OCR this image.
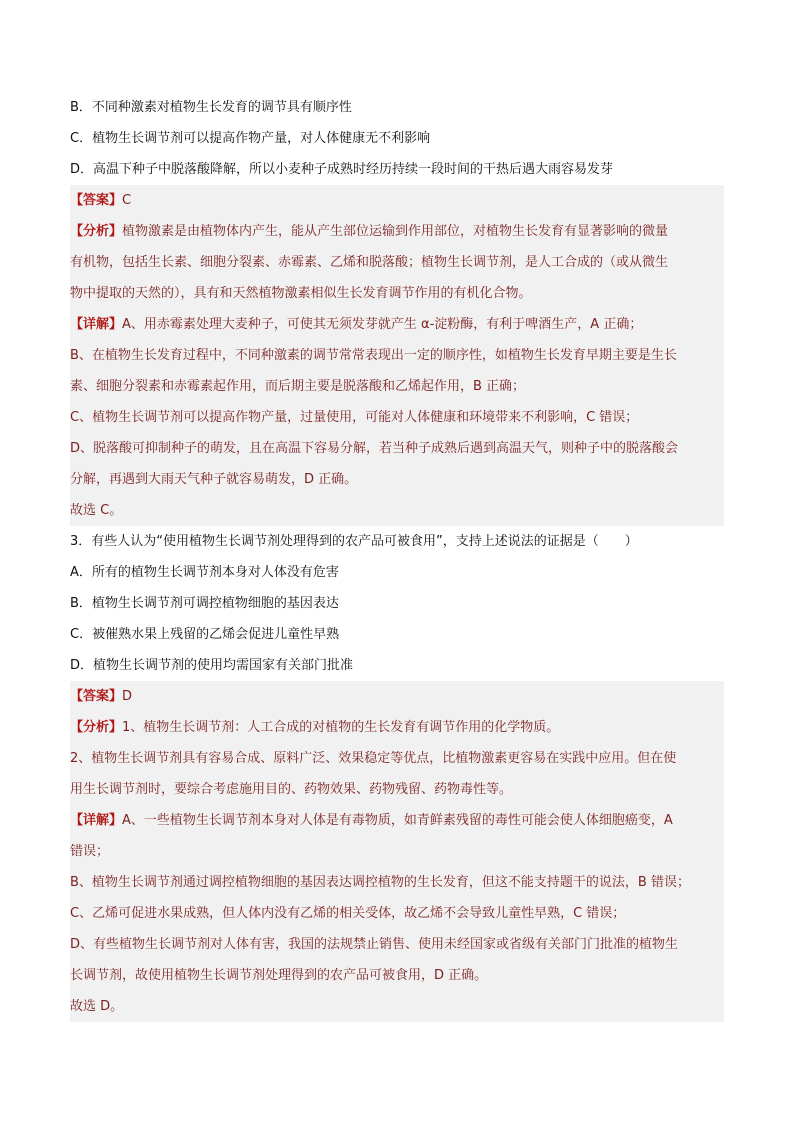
B．不同种激素对植物生长发育的调节具有顺序性
C．植物生长调节剂可以提高作物产量，对人体健康无不利影响
D．高温下种子中脱落酸降解，所以小麦种子成熟时经历持续一段时间的干热后遇大雨容易发芽
【答案】C
【分析】植物激素是由植物体内产生，能从产生部位运输到作用部位，对植物生长发育有显著影响的微量
有机物，包括生长素、细胞分裂素、赤霉素、乙烯和脱落酸；植物生长调节剂，是人工合成的（或从微生
物中提取的天然的），具有和天然植物激素相似生长发育调节作用的有机化合物。
【详解】A、用赤霉素处理大麦种子，可使其无须发芽就产生 α-淀粉酶，有利于啤酒生产，A 正确；
B、在植物生长发育过程中，不同种激素的调节常常表现出一定的顺序性，如植物生长发育早期主要是生长
素、细胞分裂素和赤霉素起作用，而后期主要是脱落酸和乙烯起作用，B 正确；
C、植物生长调节剂可以提高作物产量，过量使用，可能对人体健康和环境带来不利影响，C 错误；
D、脱落酸可抑制种子的萌发，且在高温下容易分解，若当种子成熟后遇到高温天气，则种子中的脱落酸会
分解，再遇到大雨天气种子就容易萌发，D 正确。
故选 C。
3．有些人认为“使用植物生长调节剂处理得到的农产品可被食用”，支持上述说法的证据是（　　）
A．所有的植物生长调节剂本身对人体没有危害
B．植物生长调节剂可调控植物细胞的基因表达
C．被催熟水果上残留的乙烯会促进儿童性早熟
D．植物生长调节剂的使用均需国家有关部门批准
【答案】D
【分析】1、植物生长调节剂：人工合成的对植物的生长发育有调节作用的化学物质。
2、植物生长调节剂具有容易合成、原料广泛、效果稳定等优点，比植物激素更容易在实践中应用。但在使
用生长调节剂时，要综合考虑施用目的、药物效果、药物残留、药物毒性等。
【详解】A、一些植物生长调节剂本身对人体是有毒物质，如青鲜素残留的毒性可能会使人体细胞癌变，A
错误；
B、植物生长调节剂通过调控植物细胞的基因表达调控植物的生长发育，但这不能支持题干的说法，B 错误；
C、乙烯可促进水果成熟，但人体内没有乙烯的相关受体，故乙烯不会导致儿童性早熟，C 错误；
D、有些植物生长调节剂对人体有害，我国的法规禁止销售、使用未经国家或省级有关部门门批准的植物生
长调节剂，故使用植物生长调节剂处理得到的农产品可被食用，D 正确。
故选 D。
